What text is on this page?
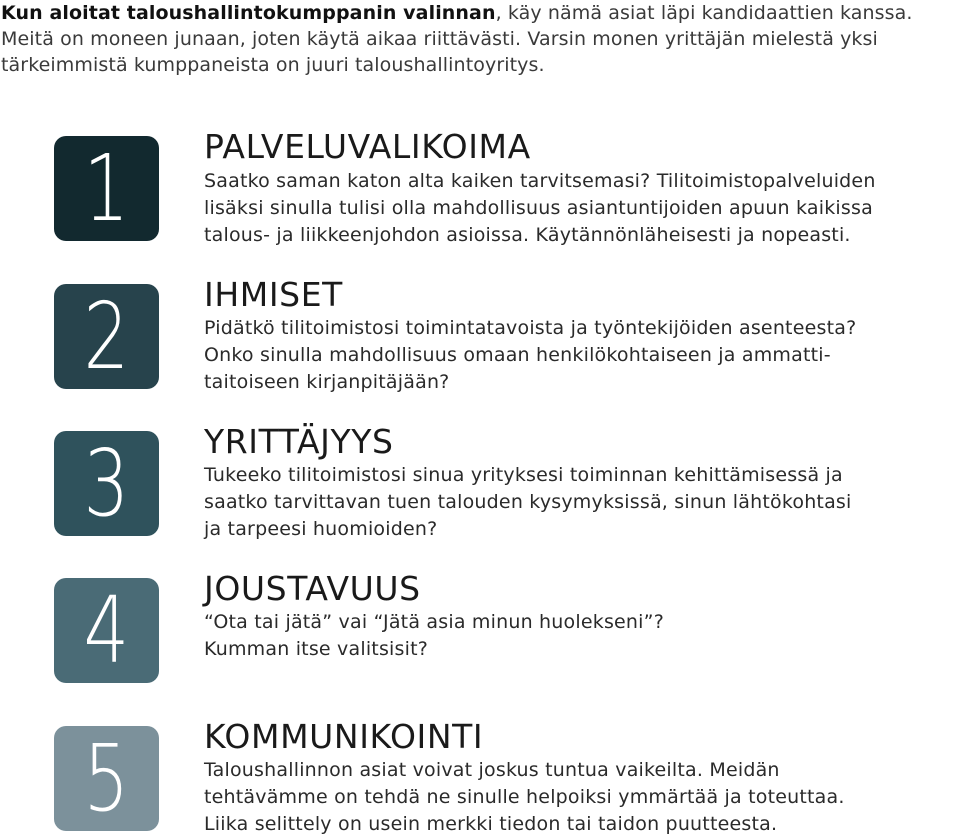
Kun aloitat taloushallintokumppanin valinnan, käy nämä asiat läpi kandidaattien kanssa.
Meitä on moneen junaan, joten käytä aikaa riittävästi. Varsin monen yrittäjän mielestä yksi
tärkeimmistä kumppaneista on juuri taloushallintoyritys.
1 PALVELUVALIKOIMA
Saatko saman katon alta kaiken tarvitsemasi? Tilitoimistopalveluiden
lisäksi sinulla tulisi olla mahdollisuus asiantuntijoiden apuun kaikissa
talous- ja liikkeenjohdon asioissa. Käytännönläheisesti ja nopeasti.
2 IHMISET
Pidätkö tilitoimistosi toimintatavoista ja työntekijöiden asenteesta?
Onko sinulla mahdollisuus omaan henkilökohtaiseen ja ammatti-
taitoiseen kirjanpitäjään?
3 YRITTÄJYYS
Tukeeko tilitoimistosi sinua yrityksesi toiminnan kehittämisessä ja
saatko tarvittavan tuen talouden kysymyksissä, sinun lähtökohtasi
ja tarpeesi huomioiden?
4 JOUSTAVUUS
“Ota tai jätä” vai “Jätä asia minun huolekseni”?
Kumman itse valitsisit?
5 KOMMUNIKOINTI
Taloushallinnon asiat voivat joskus tuntua vaikeilta. Meidän
tehtävämme on tehdä ne sinulle helpoiksi ymmärtää ja toteuttaa.
Liika selittely on usein merkki tiedon tai taidon puutteesta.
